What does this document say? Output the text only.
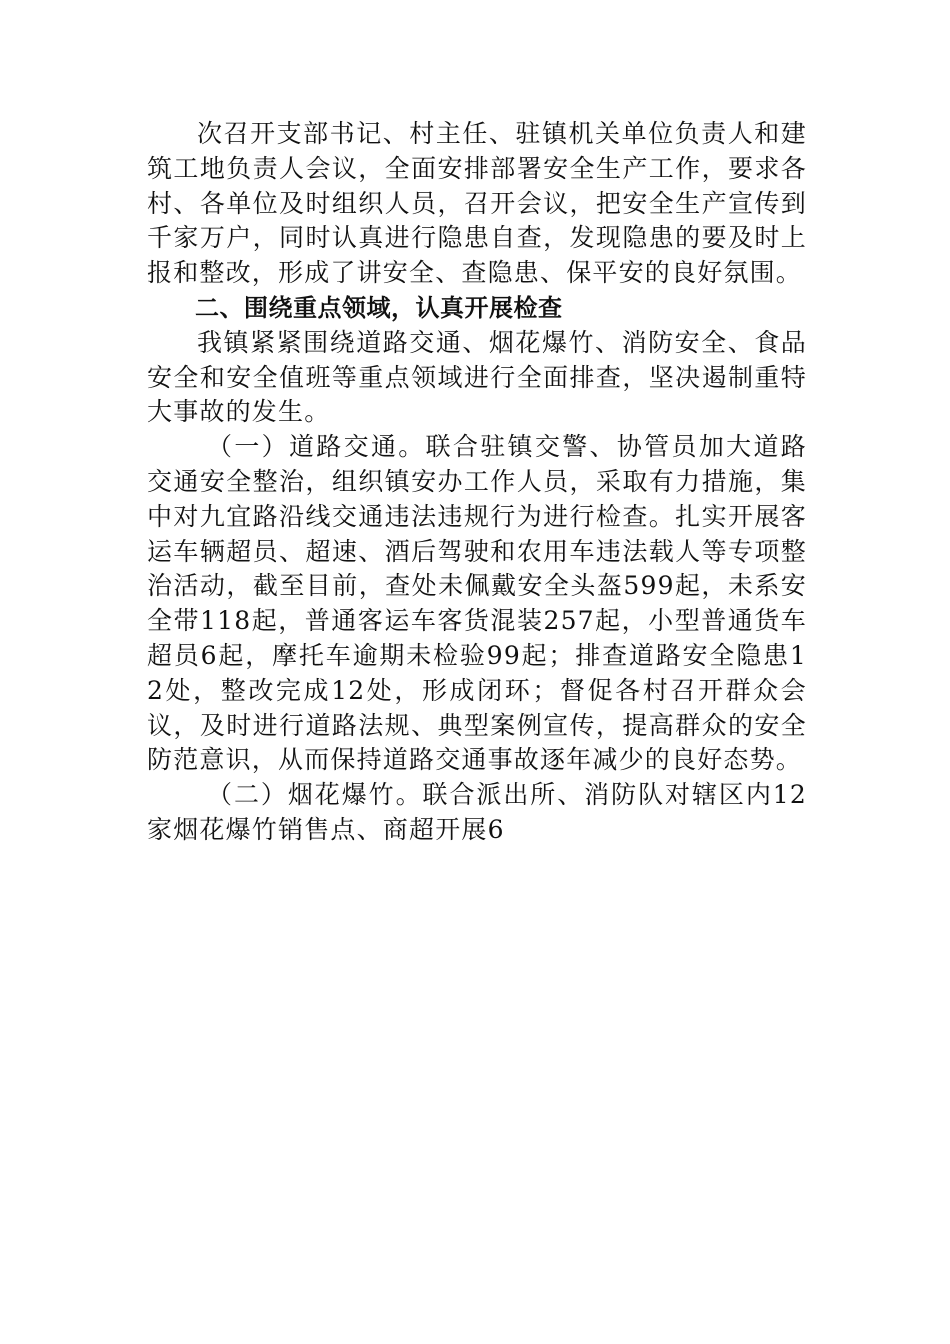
次召开支部书记、村主任、驻镇机关单位负责人和建筑工地负责人会议，全面安排部署安全生产工作，要求各村、各单位及时组织人员，召开会议，把安全生产宣传到千家万户，同时认真进行隐患自查，发现隐患的要及时上报和整改，形成了讲安全、查隐患、保平安的良好氛围。

二、围绕重点领域，认真开展检查

我镇紧紧围绕道路交通、烟花爆竹、消防安全、食品安全和安全值班等重点领域进行全面排查，坚决遏制重特大事故的发生。

（一）道路交通。联合驻镇交警、协管员加大道路交通安全整治，组织镇安办工作人员，采取有力措施，集中对九宜路沿线交通违法违规行为进行检查。扎实开展客运车辆超员、超速、酒后驾驶和农用车违法载人等专项整治活动，截至目前，查处未佩戴安全头盔599起，未系安全带118起，普通客运车客货混装257起，小型普通货车超员6起，摩托车逾期未检验99起；排查道路安全隐患12处，整改完成12处，形成闭环；督促各村召开群众会议，及时进行道路法规、典型案例宣传，提高群众的安全防范意识，从而保持道路交通事故逐年减少的良好态势。

（二）烟花爆竹。联合派出所、消防队对辖区内12家烟花爆竹销售点、商超开展6
